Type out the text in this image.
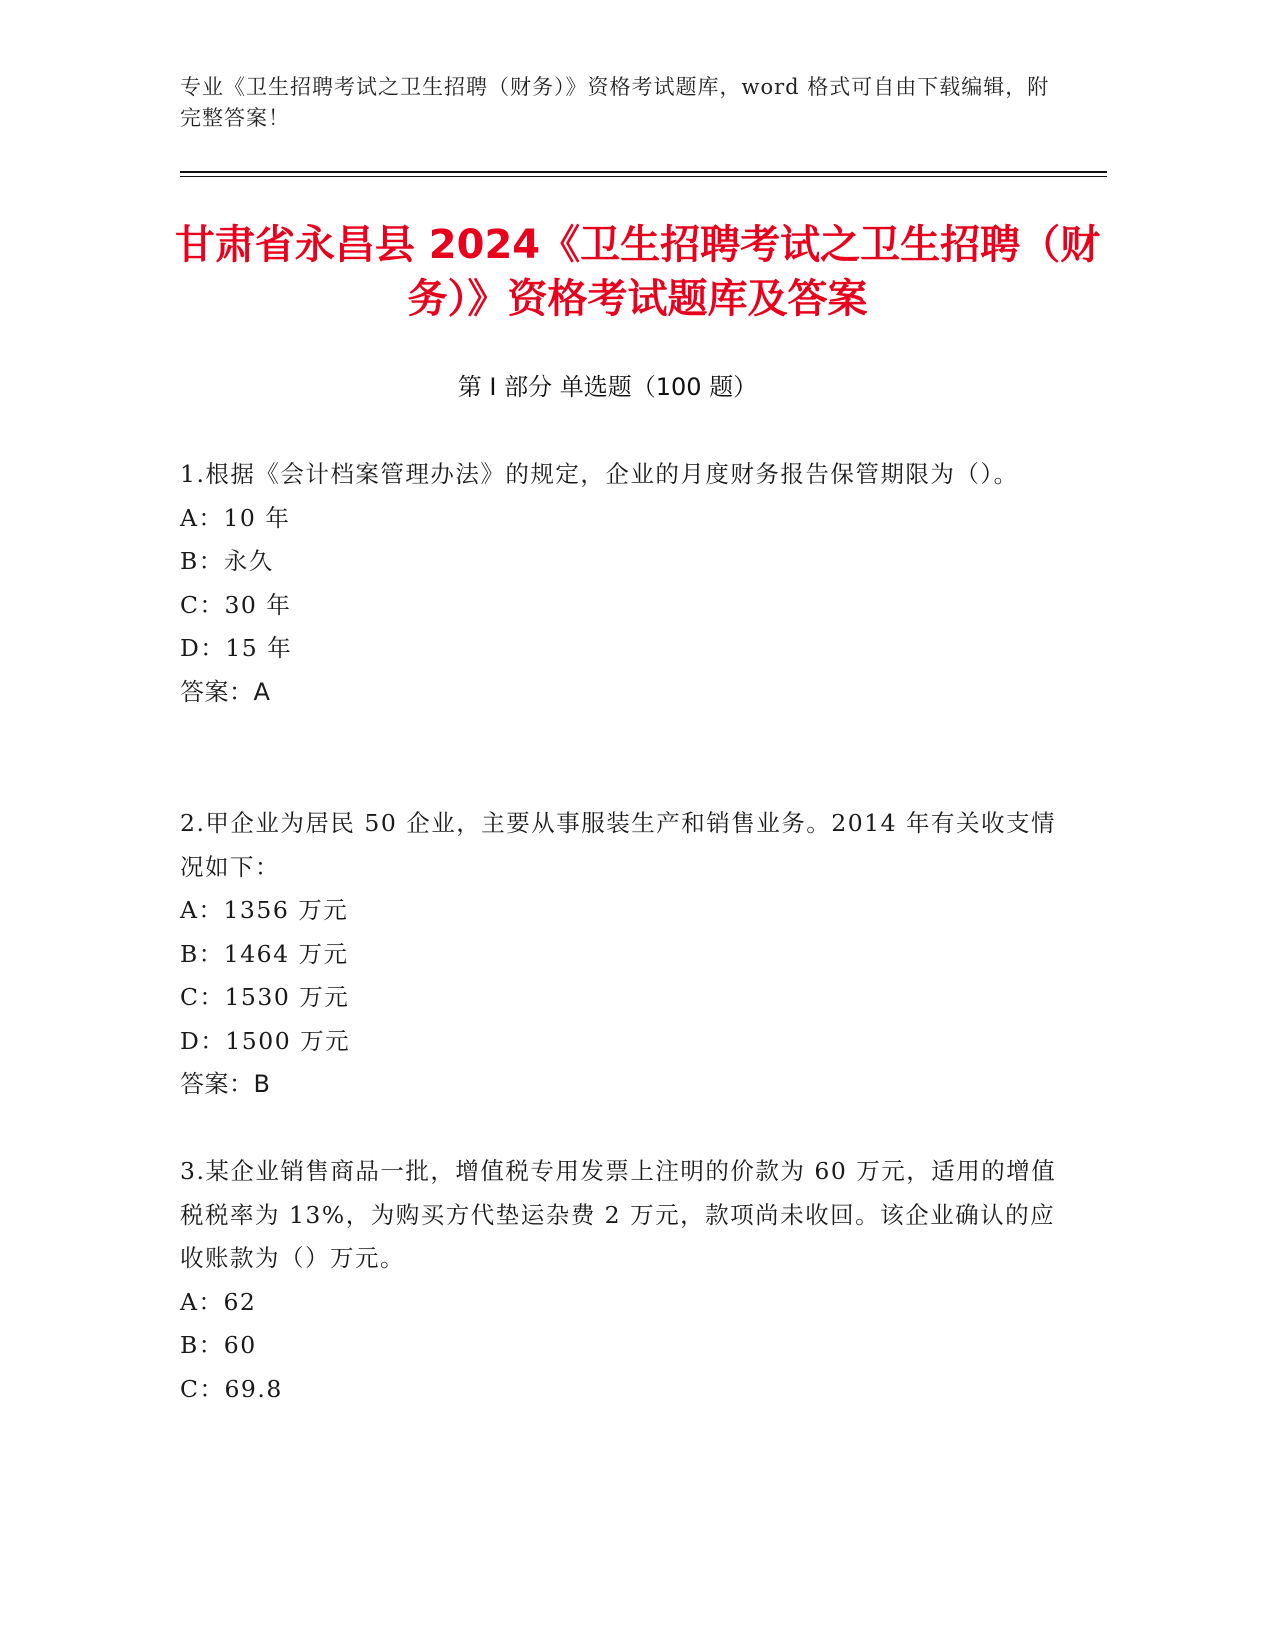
专业《卫生招聘考试之卫生招聘（财务）》资格考试题库，word 格式可自由下载编辑，附完整答案！
甘肃省永昌县 2024《卫生招聘考试之卫生招聘（财务）》资格考试题库及答案
第 I 部分 单选题（100 题）

1.根据《会计档案管理办法》的规定，企业的月度财务报告保管期限为（）。

A：10 年

B：永久

C：30 年

D：15 年

答案：A

2.甲企业为居民 50 企业，主要从事服装生产和销售业务。2014 年有关收支情况如下：

A：1356 万元

B：1464 万元

C：1530 万元

D：1500 万元

答案：B

3.某企业销售商品一批，增值税专用发票上注明的价款为 60 万元，适用的增值税税率为 13%，为购买方代垫运杂费 2 万元，款项尚未收回。该企业确认的应收账款为（）万元。

A：62

B：60

C：69.8
